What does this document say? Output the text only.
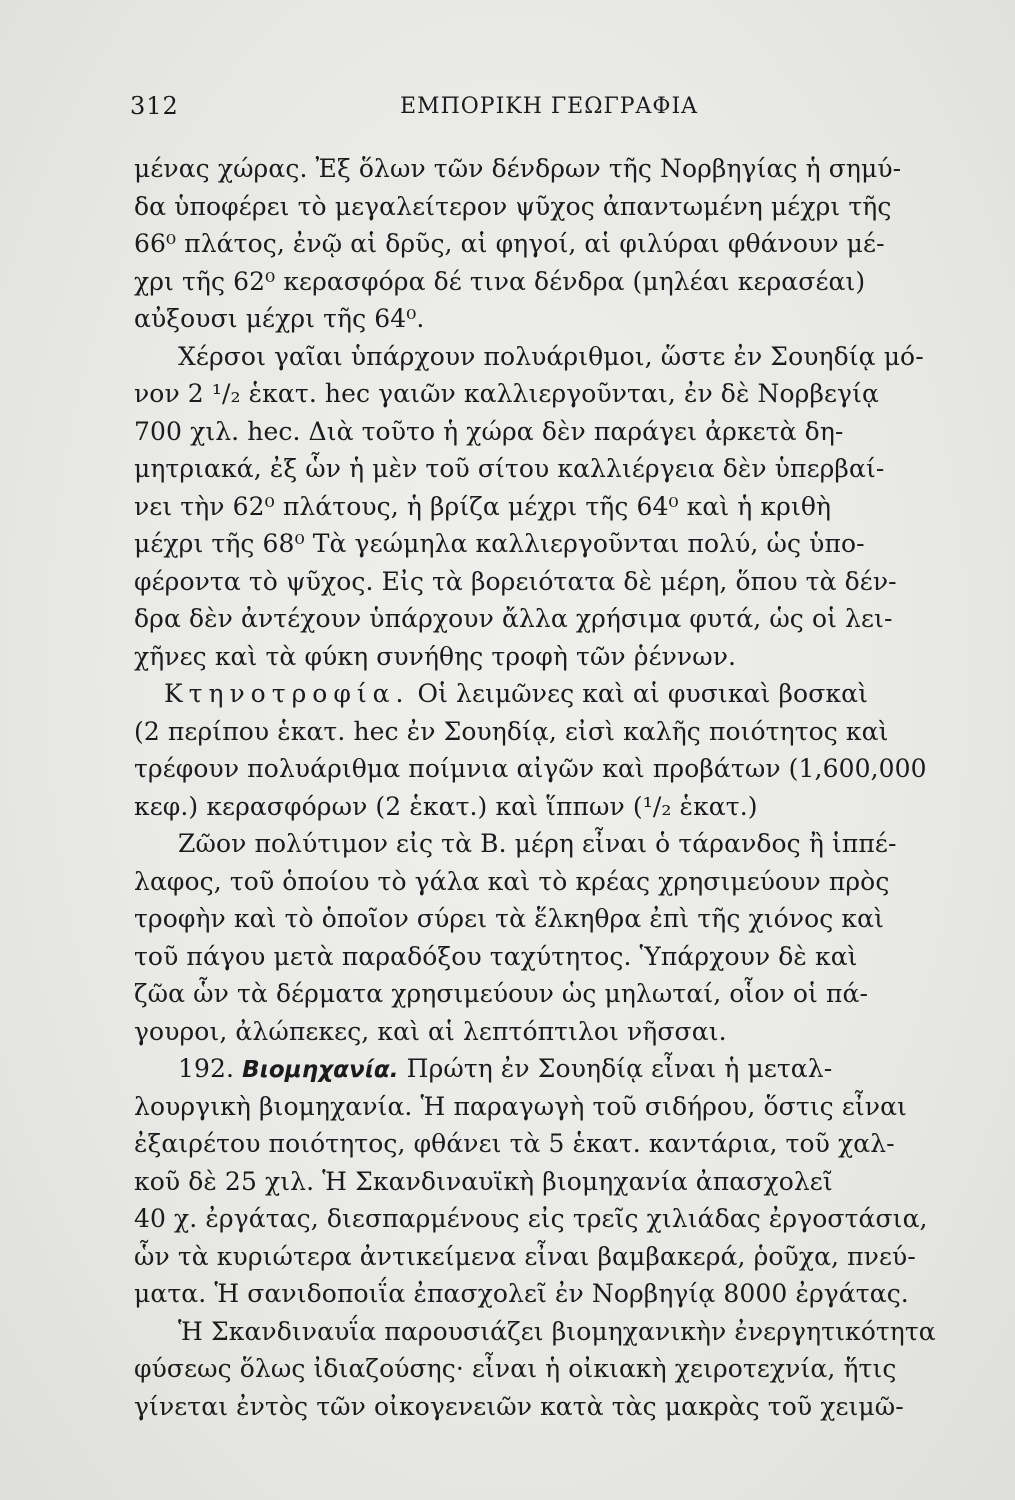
312	ΕΜΠΟΡΙΚΗ ΓΕΩΓΡΑΦΙΑ
μένας χώρας. Ἐξ ὅλων τῶν δένδρων τῆς Νορβηγίας ἡ σημύ-
δα ὑποφέρει τὸ μεγαλείτερον ψῦχος ἀπαντωμένη μέχρι τῆς
66⁰ πλάτος, ἐνῷ αἱ δρῦς, αἱ φηγοί, αἱ φιλύραι φθάνουν μέ-
χρι τῆς 62⁰ κερασφόρα δέ τινα δένδρα (μηλέαι κερασέαι)
αὐξουσι μέχρι τῆς 64⁰.
Χέρσοι γαῖαι ὑπάρχουν πολυάριθμοι, ὥστε ἐν Σουηδίᾳ μό-
νον 2 ¹/₂ ἑκατ. hec γαιῶν καλλιεργοῦνται, ἐν δὲ Νορβεγίᾳ
700 χιλ. hec. Διὰ τοῦτο ἡ χώρα δὲν παράγει ἀρκετὰ δη-
μητριακά, ἐξ ὧν ἡ μὲν τοῦ σίτου καλλιέργεια δὲν ὑπερβαί-
νει τὴν 62⁰ πλάτους, ἡ βρίζα μέχρι τῆς 64⁰ καὶ ἡ κριθὴ
μέχρι τῆς 68⁰ Τὰ γεώμηλα καλλιεργοῦνται πολύ, ὡς ὑπο-
φέροντα τὸ ψῦχος. Εἰς τὰ βορειότατα δὲ μέρη, ὅπου τὰ δέν-
δρα δὲν ἀντέχουν ὑπάρχουν ἄλλα χρήσιμα φυτά, ὡς οἱ λει-
χῆνες καὶ τὰ φύκη συνήθης τροφὴ τῶν ῥέννων.
Κτηνοτροφία. Οἱ λειμῶνες καὶ αἱ φυσικαὶ βοσκαὶ
(2 περίπου ἑκατ. hec ἐν Σουηδίᾳ, εἰσὶ καλῆς ποιότητος καὶ
τρέφουν πολυάριθμα ποίμνια αἰγῶν καὶ προβάτων (1,600,000
κεφ.) κερασφόρων (2 ἑκατ.) καὶ ἵππων (¹/₂ ἑκατ.)
Ζῶον πολύτιμον εἰς τὰ Β. μέρη εἶναι ὁ τάρανδος ἢ ἱππέ-
λαφος, τοῦ ὁποίου τὸ γάλα καὶ τὸ κρέας χρησιμεύουν πρὸς
τροφὴν καὶ τὸ ὁποῖον σύρει τὰ ἕλκηθρα ἐπὶ τῆς χιόνος καὶ
τοῦ πάγου μετὰ παραδόξου ταχύτητος. Ὑπάρχουν δὲ καὶ
ζῶα ὧν τὰ δέρματα χρησιμεύουν ὡς μηλωταί, οἷον οἱ πά-
γουροι, ἀλώπεκες, καὶ αἱ λεπτόπτιλοι νῆσσαι.
192. Βιομηχανία. Πρώτη ἐν Σουηδίᾳ εἶναι ἡ μεταλ-
λουργικὴ βιομηχανία. Ἡ παραγωγὴ τοῦ σιδήρου, ὅστις εἶναι
ἐξαιρέτου ποιότητος, φθάνει τὰ 5 ἑκατ. καντάρια, τοῦ χαλ-
κοῦ δὲ 25 χιλ. Ἡ Σκανδιναυϊκὴ βιομηχανία ἀπασχολεῖ
40 χ. ἐργάτας, διεσπαρμένους εἰς τρεῖς χιλιάδας ἐργοστάσια,
ὧν τὰ κυριώτερα ἀντικείμενα εἶναι βαμβακερά, ῥοῦχα, πνεύ-
ματα. Ἡ σανιδοποιΐα ἐπασχολεῖ ἐν Νορβηγίᾳ 8000 ἐργάτας.
Ἡ Σκανδιναυΐα παρουσιάζει βιομηχανικὴν ἐνεργητικότητα
φύσεως ὅλως ἰδιαζούσης· εἶναι ἡ οἰκιακὴ χειροτεχνία, ἥτις
γίνεται ἐντὸς τῶν οἰκογενειῶν κατὰ τὰς μακρὰς τοῦ χειμῶ-
